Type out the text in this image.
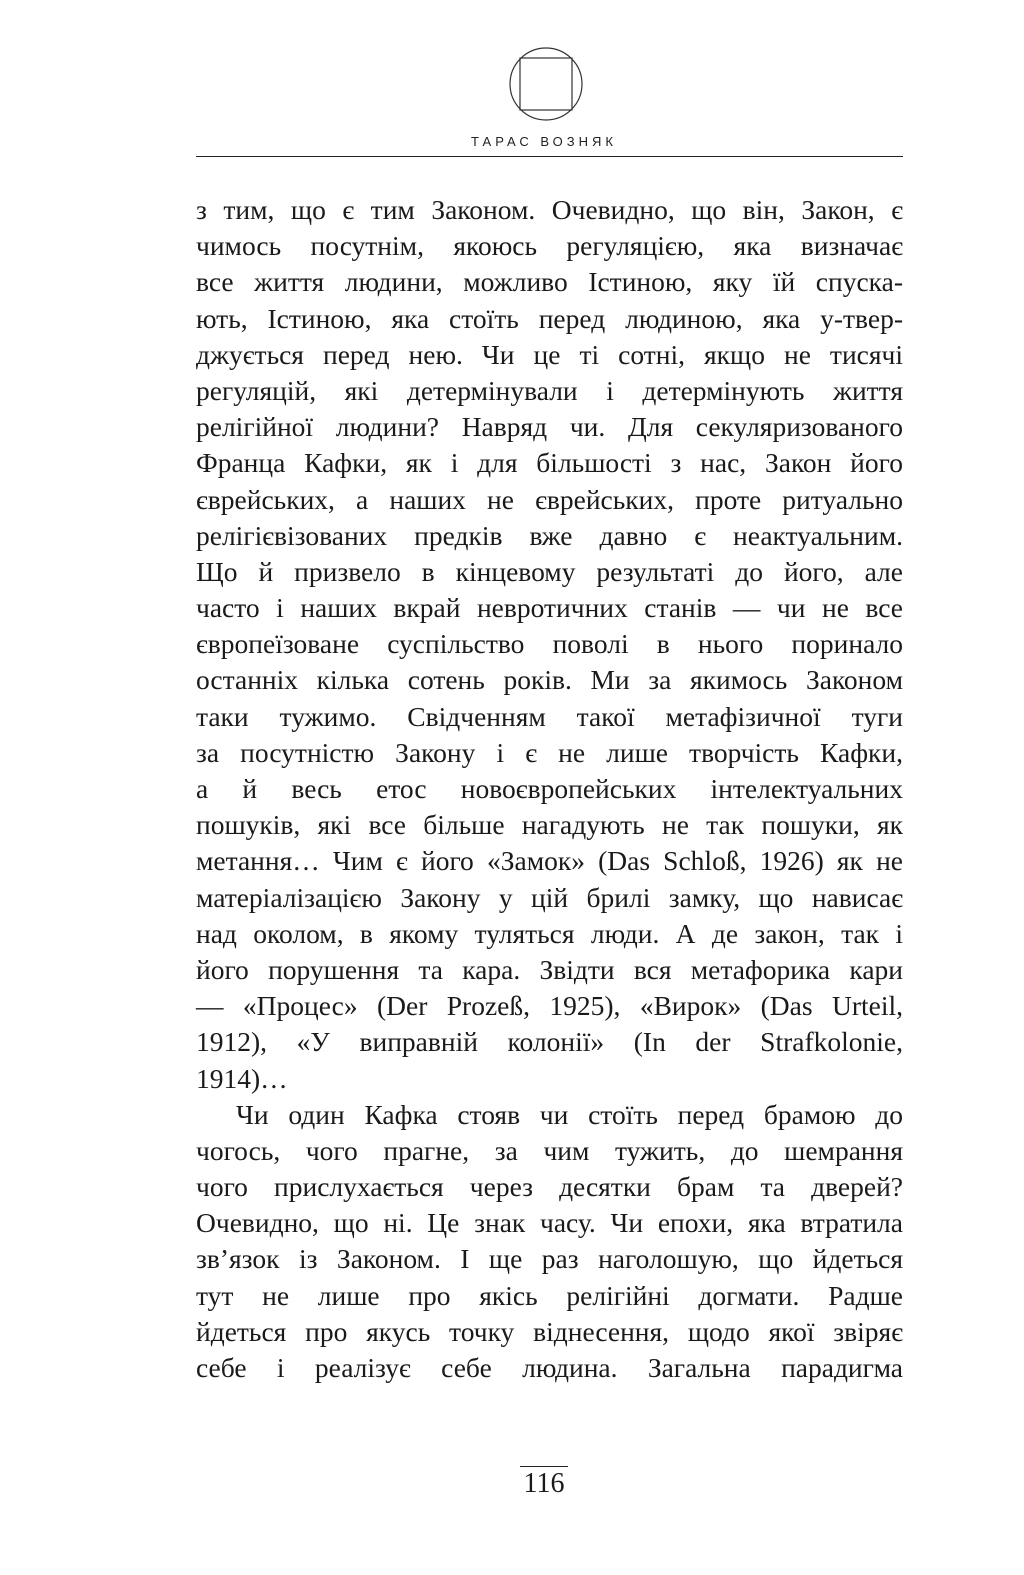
ТАРАС ВОЗНЯК
з тим, що є тим Законом. Очевидно, що він, Закон, є
чимось посутнім, якоюсь регуляцією, яка визначає
все життя людини, можливо Істиною, яку їй спуска-
ють, Істиною, яка стоїть перед людиною, яка у-твер-
джується перед нею. Чи це ті сотні, якщо не тисячі
регуляцій, які детермінували і детермінують життя
релігійної людини? Навряд чи. Для секуляризованого
Франца Кафки, як і для більшості з нас, Закон його
єврейських, а наших не єврейських, проте ритуально
релігієвізованих предків вже давно є неактуальним.
Що й призвело в кінцевому результаті до його, але
часто і наших вкрай невротичних станів — чи не все
європеїзоване суспільство поволі в нього поринало
останніх кілька сотень років. Ми за якимось Законом
таки тужимо. Свідченням такої метафізичної туги
за посутністю Закону і є не лише творчість Кафки,
а й весь етос новоєвропейських інтелектуальних
пошуків, які все більше нагадують не так пошуки, як
метання… Чим є його «Замок» (Das Schloß, 1926) як не
матеріалізацією Закону у цій брилі замку, що нависає
над околом, в якому туляться люди. А де закон, так і
його порушення та кара. Звідти вся метафорика кари
— «Процес» (Der Prozeß, 1925), «Вирок» (Das Urteil,
1912), «У виправній колонії» (In der Strafkolonie,
1914)…
Чи один Кафка стояв чи стоїть перед брамою до
чогось, чого прагне, за чим тужить, до шемрання
чого прислухається через десятки брам та дверей?
Очевидно, що ні. Це знак часу. Чи епохи, яка втратила
зв’язок із Законом. І ще раз наголошую, що йдеться
тут не лише про якісь релігійні догмати. Радше
йдеться про якусь точку віднесення, щодо якої звіряє
себе і реалізує себе людина. Загальна парадигма
116
